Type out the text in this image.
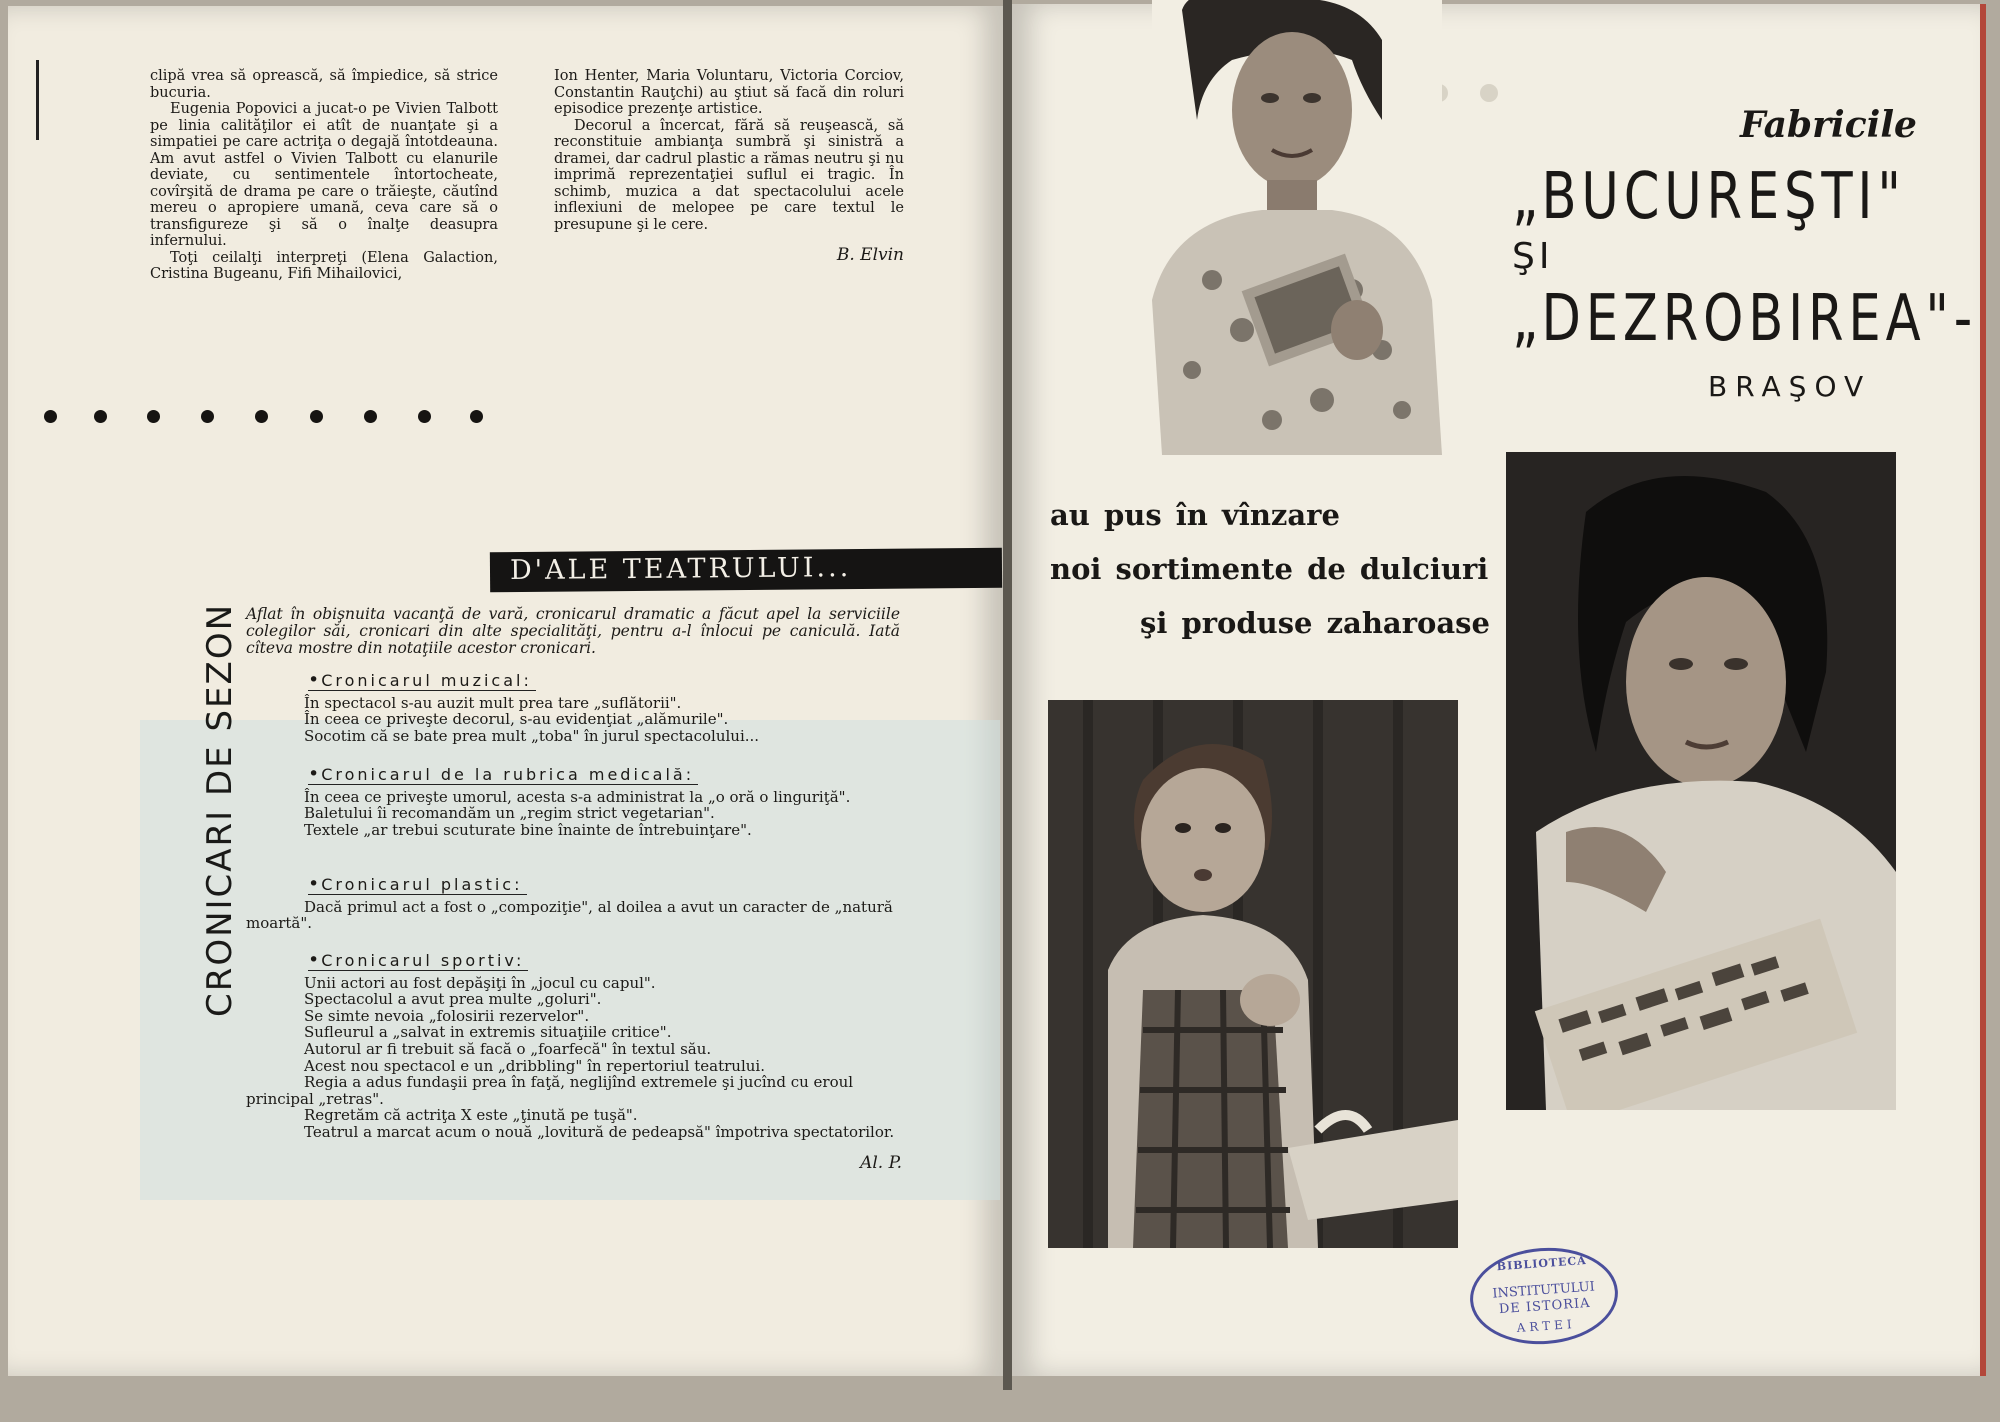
clipă vrea să oprească, să împiedice, să strice bucuria.

Eugenia Popovici a jucat-o pe Vivien Talbott pe linia calităţilor ei atît de nuanţate şi a simpatiei pe care actriţa o degajă întotdeauna. Am avut astfel o Vivien Talbott cu elanurile deviate, cu sentimentele întortocheate, covîrşită de drama pe care o trăieşte, căutînd mereu o apropiere umană, ceva care să o transfigureze şi să o înalţe deasupra infernului.

Toţi ceilalţi interpreţi (Elena Galaction, Cristina Bugeanu, Fifi Mihailovici,

Ion Henter, Maria Voluntaru, Victoria Corciov, Constantin Rauţchi) au ştiut să facă din roluri episodice prezenţe artistice.

Decorul a încercat, fără să reuşească, să reconstituie ambianţa sumbră şi sinistră a dramei, dar cadrul plastic a rămas neutru şi nu imprimă reprezentaţiei suflul ei tragic. În schimb, muzica a dat spectacolului acele inflexiuni de melopee pe care textul le presupune şi le cere.

B. Elvin

D'ALE TEATRULUI...
CRONICARI DE SEZON Aflat în obişnuita vacanţă de vară, cronicarul dramatic a făcut apel la serviciile colegilor săi, cronicari din alte specialităţi, pentru a-l înlocui pe caniculă. Iată cîteva mostre din notaţiile acestor cronicari.
• Cronicarul muzical:

În spectacol s-au auzit mult prea tare „suflătorii".

În ceea ce priveşte decorul, s-au evidenţiat „alămurile".

Socotim că se bate prea mult „toba" în jurul spectacolului...

• Cronicarul de la rubrica medicală:

În ceea ce priveşte umorul, acesta s-a administrat la „o oră o linguriţă".

Baletului îi recomandăm un „regim strict vegetarian".

Textele „ar trebui scuturate bine înainte de întrebuinţare".

• Cronicarul plastic:

Dacă primul act a fost o „compoziţie", al doilea a avut un caracter de „natură moartă".

• Cronicarul sportiv:

Unii actori au fost depăşiţi în „jocul cu capul".

Spectacolul a avut prea multe „goluri".

Se simte nevoia „folosirii rezervelor".

Sufleurul a „salvat in extremis situaţiile critice".

Autorul ar fi trebuit să facă o „foarfecă" în textul său.

Acest nou spectacol e un „dribbling" în repertoriul teatrului.

Regia a adus fundaşii prea în faţă, neglijînd extremele şi jucînd cu eroul principal „retras".

Regretăm că actriţa X este „ţinută pe tuşă".

Teatrul a marcat acum o nouă „lovitură de pedeapsă" împotriva spectatorilor.

Al. P.

Fabricile
„BUCUREŞTI"
ŞI
„DEZROBIREA"-
BRAŞOV
au pus în vînzare
noi sortimente de dulciuri
şi produse zaharoase
BIBLIOTECA
INSTITUTULUI
DE ISTORIA
ARTEI
